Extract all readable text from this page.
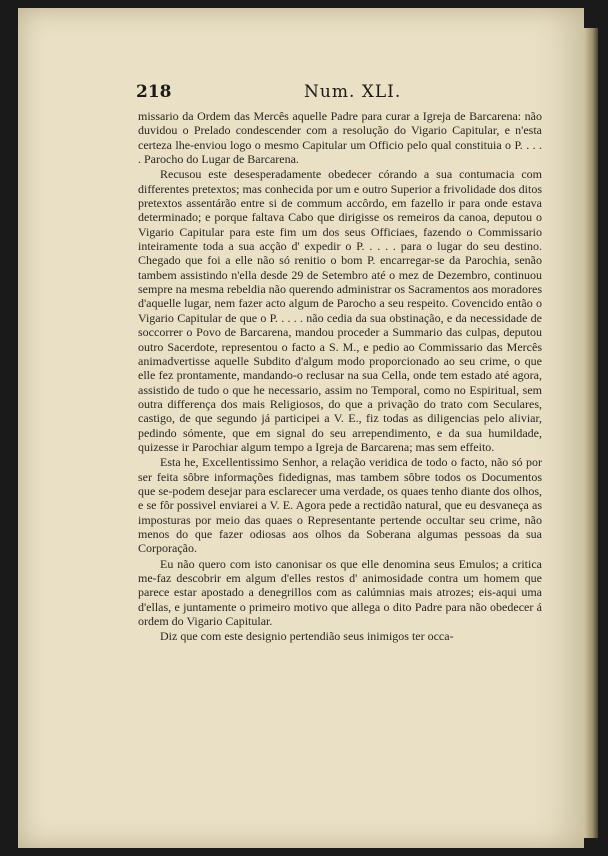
218	Num. XLI.

missario da Ordem das Mercês aquelle Padre para curar a Igreja de Barcarena: não duvidou o Prelado condescender com a resolução do Vigario Capitular, e n'esta certeza lhe-enviou logo o mesmo Capitular um Officio pelo qual constituia o P. . . . . Parocho do Lugar de Barcarena.

Recusou este desesperadamente obedecer córando a sua contumacia com differentes pretextos; mas conhecida por um e outro Superior a frivolidade dos ditos pretextos assentárão entre si de commum accôrdo, em fazello ir para onde estava determinado; e porque faltava Cabo que dirigisse os remeiros da canoa, deputou o Vigario Capitular para este fim um dos seus Officiaes, fazendo o Commissario inteiramente toda a sua acção d' expedir o P. . . . . para o lugar do seu destino. Chegado que foi a elle não só renitio o bom P. encarregar-se da Parochia, senão tambem assistindo n'ella desde 29 de Setembro até o mez de Dezembro, continuou sempre na mesma rebeldia não querendo administrar os Sacramentos aos moradores d'aquelle lugar, nem fazer acto algum de Parocho a seu respeito. Covencido então o Vigario Capitular de que o P. . . . . não cedia da sua obstinação, e da necessidade de soccorrer o Povo de Barcarena, mandou proceder a Summario das culpas, deputou outro Sacerdote, representou o facto a S. M., e pedio ao Commissario das Mercês animadvertisse aquelle Subdito d'algum modo proporcionado ao seu crime, o que elle fez prontamente, mandando-o reclusar na sua Cella, onde tem estado até agora, assistido de tudo o que he necessario, assim no Temporal, como no Espiritual, sem outra differença dos mais Religiosos, do que a privação do trato com Seculares, castigo, de que segundo já participei a V. E., fiz todas as diligencias pelo aliviar, pedindo sómente, que em signal do seu arrependimento, e da sua humildade, quizesse ir Parochiar algum tempo a Igreja de Barcarena; mas sem effeito.

Esta he, Excellentissimo Senhor, a relação veridica de todo o facto, não só por ser feita sôbre informações fidedignas, mas tambem sôbre todos os Documentos que se-podem desejar para esclarecer uma verdade, os quaes tenho diante dos olhos, e se fôr possivel enviarei a V. E. Agora pede a rectidão natural, que eu desvaneça as imposturas por meio das quaes o Representante pertende occultar seu crime, não menos do que fazer odiosas aos olhos da Soberana algumas pessoas da sua Corporação.

Eu não quero com isto canonisar os que elle denomina seus Emulos; a critica me-faz descobrir em algum d'elles restos d' animosidade contra um homem que parece estar apostado a denegrillos com as calúmnias mais atrozes; eis-aqui uma d'ellas, e juntamente o primeiro motivo que allega o dito Padre para não obedecer á ordem do Vigario Capitular.

Diz que com este designio pertendião seus inimigos ter occa-
